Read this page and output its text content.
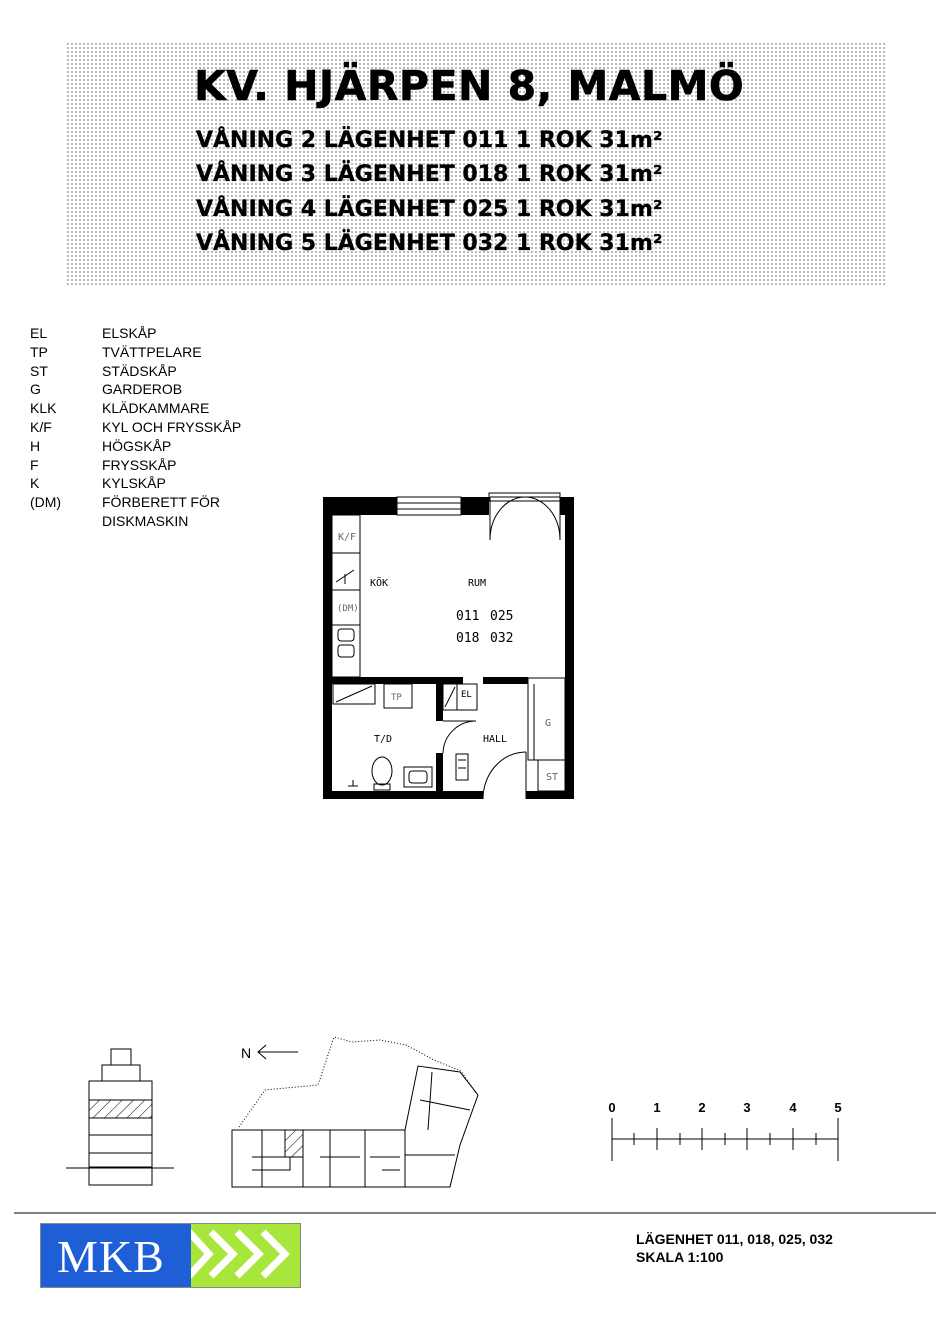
KV. HJÄRPEN 8, MALMÖ
VÅNING 2 LÄGENHET 011 1 ROK 31m²
VÅNING 3 LÄGENHET 018 1 ROK 31m²
VÅNING 4 LÄGENHET 025 1 ROK 31m²
VÅNING 5 LÄGENHET 032 1 ROK 31m²
EL	ELSKÅP
TP	TVÄTTPELARE
ST	STÄDSKÅP
G	GARDEROB
KLK	KLÄDKAMMARE
K/F	KYL OCH FRYSSKÅP
H	HÖGSKÅP
F	FRYSSKÅP
K	KYLSKÅP
(DM)	FÖRBERETT FÖR
DISKMASKIN
K/F
KÖK	RUM
(DM)	011 025
018 032
TP	EL
T/D	HALL
G
ST
N
0	1	2	3	4	5
MKB	LÄGENHET 011, 018, 025, 032
SKALA 1:100
